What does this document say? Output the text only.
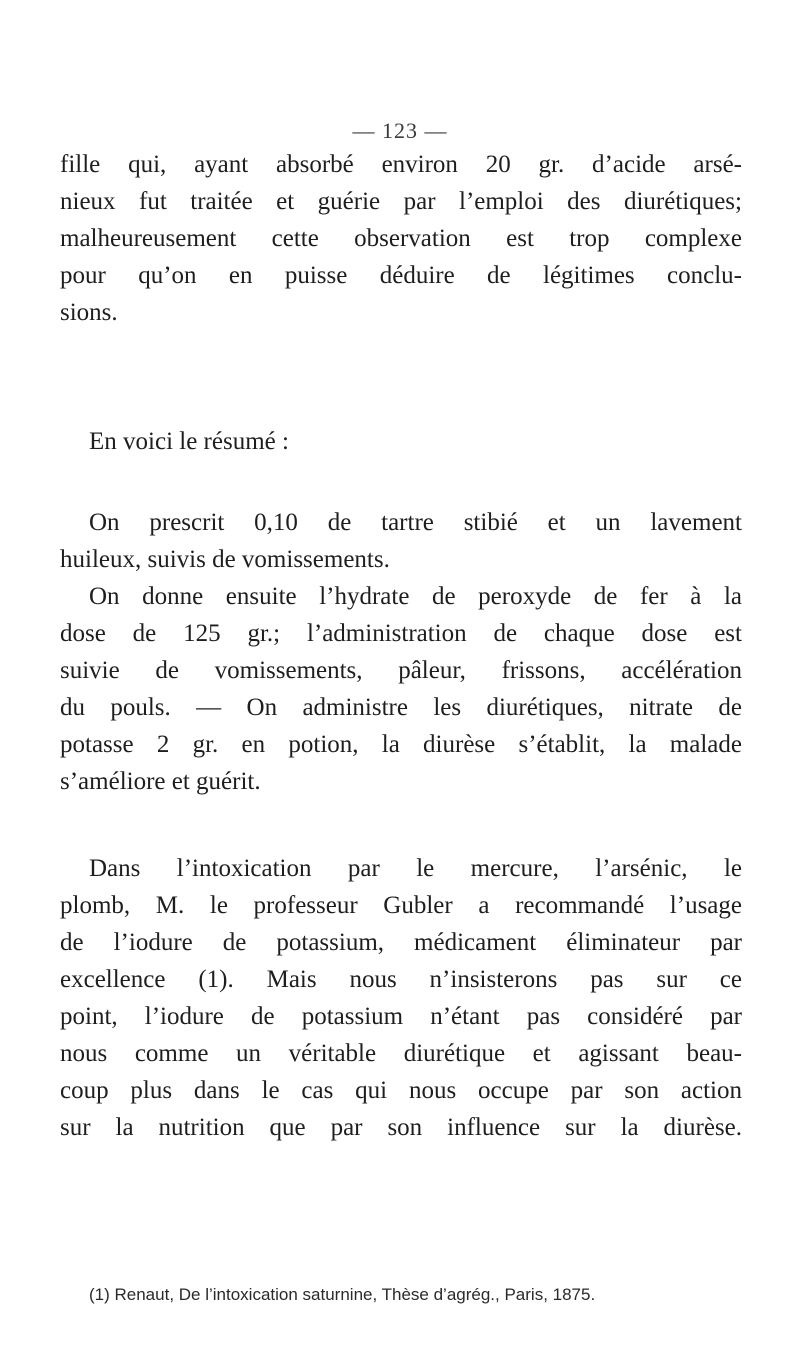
— 123 —
fille qui, ayant absorbé environ 20 gr. d’acide arsé-
nieux fut traitée et guérie par l’emploi des diurétiques;
malheureusement cette observation est trop complexe
pour qu’on en puisse déduire de légitimes conclu-
sions.
En voici le résumé :
On prescrit 0,10 de tartre stibié et un lavement
huileux, suivis de vomissements.
On donne ensuite l’hydrate de peroxyde de fer à la
dose de 125 gr.; l’administration de chaque dose est
suivie de vomissements, pâleur, frissons, accélération
du pouls. — On administre les diurétiques, nitrate de
potasse 2 gr. en potion, la diurèse s’établit, la malade
s’améliore et guérit.
Dans l’intoxication par le mercure, l’arsénic, le
plomb, M. le professeur Gubler a recommandé l’usage
de l’iodure de potassium, médicament éliminateur par
excellence (1). Mais nous n’insisterons pas sur ce
point, l’iodure de potassium n’étant pas considéré par
nous comme un véritable diurétique et agissant beau-
coup plus dans le cas qui nous occupe par son action
sur la nutrition que par son influence sur la diurèse.
(1) Renaut, De l’intoxication saturnine, Thèse d’agrég., Paris, 1875.
